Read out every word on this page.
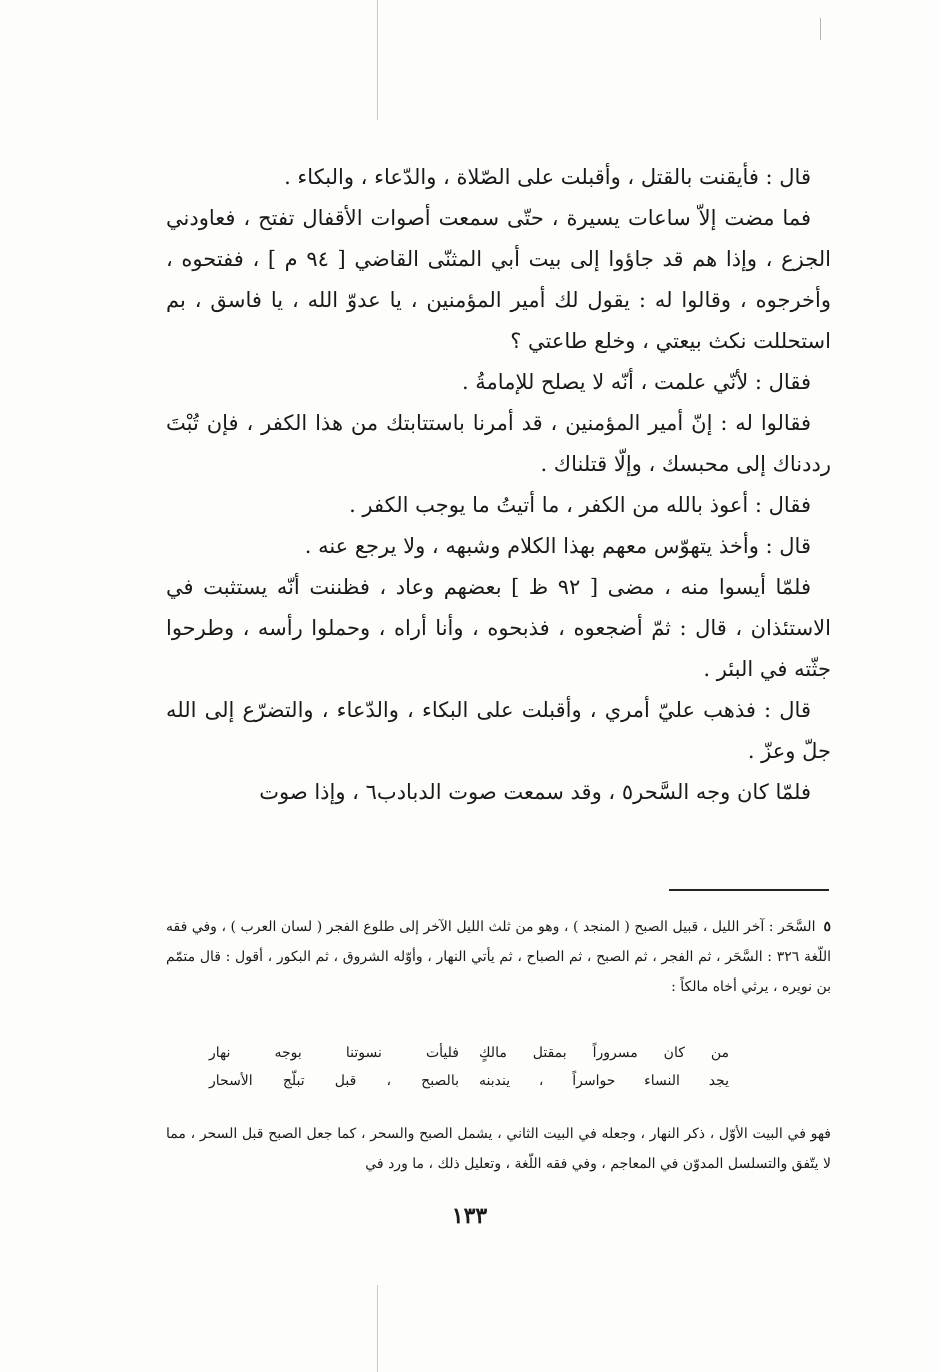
قال : فأيقنت بالقتل ، وأقبلت على الصّلاة ، والدّعاء ، والبكاء .

فما مضت إلاّ ساعات يسيرة ، حتّى سمعت أصوات الأقفال تفتح ، فعاودني الجزع ، وإذا هم قد جاؤوا إلى بيت أبي المثنّى القاضي [ ٩٤ م ] ، ففتحوه ، وأخرجوه ، وقالوا له : يقول لك أمير المؤمنين ، يا عدوّ الله ، يا فاسق ، بم استحللت نكث بيعتي ، وخلع طاعتي ؟

فقال : لأنّي علمت ، أنّه لا يصلح للإمامةُ .

فقالوا له : إنّ أمير المؤمنين ، قد أمرنا باستتابتك من هذا الكفر ، فإن تُبْتَ رددناك إلى محبسك ، وإلّا قتلناك .

فقال : أعوذ بالله من الكفر ، ما أتيتُ ما يوجب الكفر .

قال : وأخذ يتهوّس معهم بهذا الكلام وشبهه ، ولا يرجع عنه .

فلمّا أيسوا منه ، مضى [ ٩٢ ظ ] بعضهم وعاد ، فظننت أنّه يستثبت في الاستئذان ، قال : ثمّ أضجعوه ، فذبحوه ، وأنا أراه ، وحملوا رأسه ، وطرحوا جثّته في البئر .

قال : فذهب عليّ أمري ، وأقبلت على البكاء ، والدّعاء ، والتضرّع إلى الله جلّ وعزّ .

فلمّا كان وجه السَّحر٥ ، وقد سمعت صوت الدبادب٦ ، وإذا صوت

٥السَّحَر : آخر الليل ، قبيل الصبح ( المنجد ) ، وهو من ثلث الليل الآخر إلى طلوع الفجر ( لسان العرب ) ، وفي فقه اللّغة ٣٢٦ : السَّحَر ، ثم الفجر ، ثم الصبح ، ثم الصباح ، ثم يأتي النهار ، وأوّله الشروق ، ثم البكور ، أقول : قال متمّم بن نويره ، يرثي أخاه مالكاً :

من كان مسروراً بمقتل مالكٍفليأت نسوتنا بوجه نهار
يجد النساء حواسراً ، يندبنهبالصبح ، قبل تبلّج الأسحار

فهو في البيت الأوّل ، ذكر النهار ، وجعله في البيت الثاني ، يشمل الصبح والسحر ، كما جعل الصبح قبل السحر ، مما لا يتّفق والتسلسل المدوّن في المعاجم ، وفي فقه اللّغة ، وتعليل ذلك ، ما ورد في

١٣٣
